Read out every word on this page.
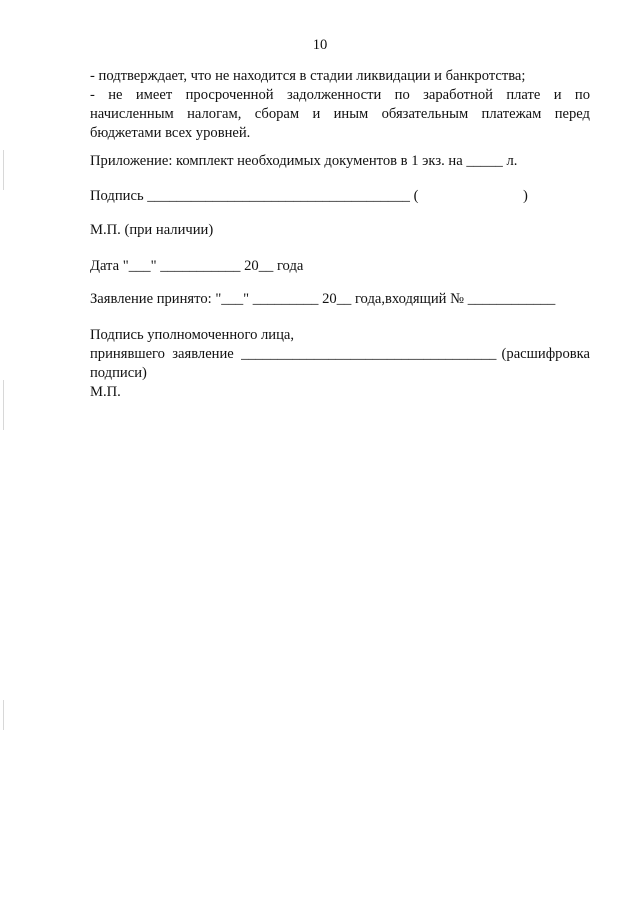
10

- подтверждает, что не находится в стадии ликвидации и банкротства;

- не имеет просроченной задолженности по заработной плате и по

начисленным налогам, сборам и иным обязательным платежам перед

бюджетами всех уровней.

Приложение: комплект необходимых документов в 1 экз. на _____ л.
Подпись ____________________________________ (	)
М.П. (при наличии)
Дата "___" ___________ 20__ года
Заявление принято: "___" _________ 20__ года,входящий № ____________
Подпись уполномоченного лица,
принявшего  заявление  ___________________________________ (расшифровка
подписи)
М.П.
